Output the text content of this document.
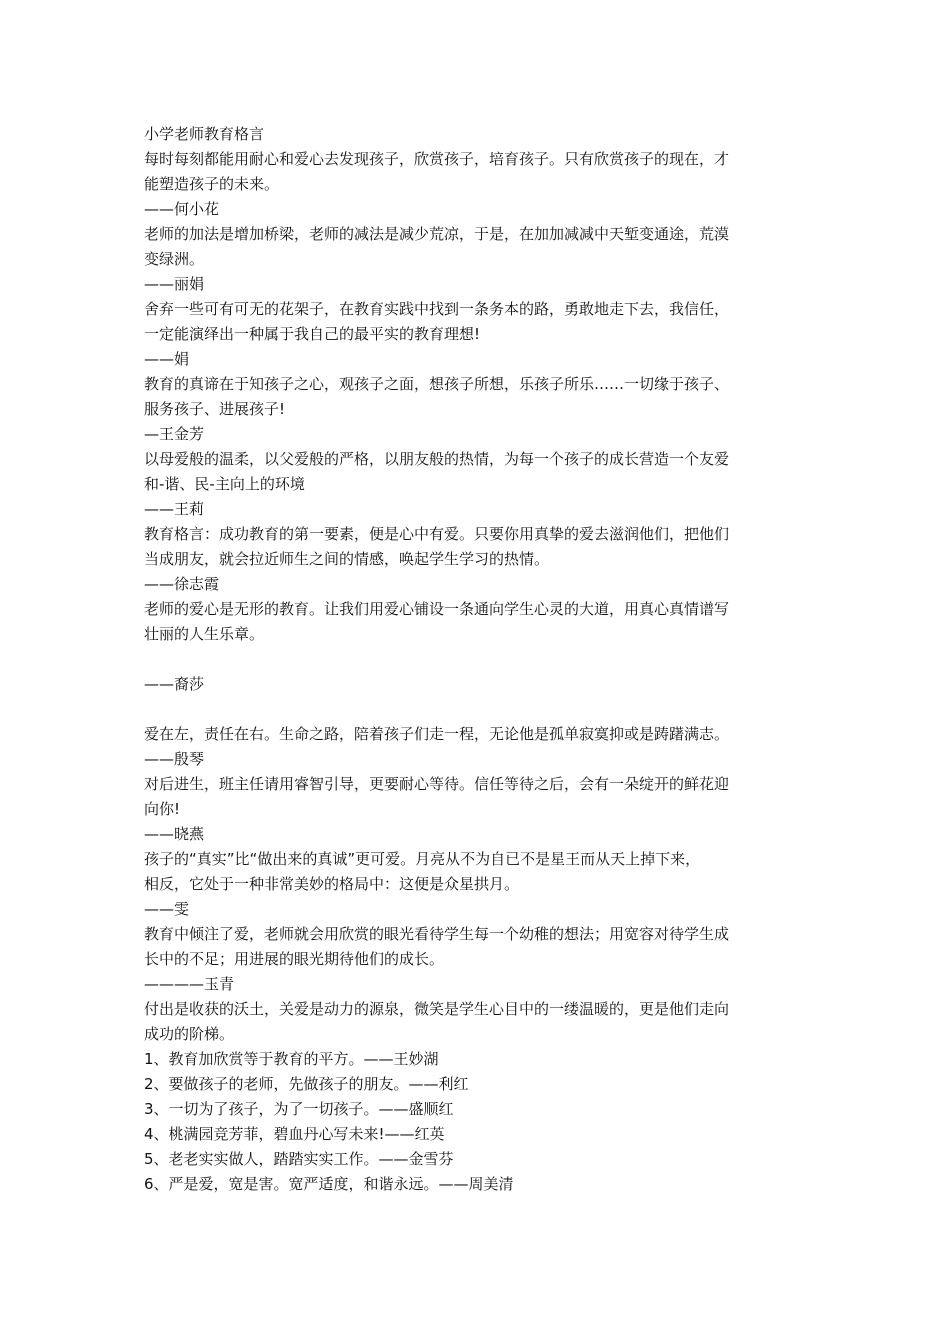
小学老师教育格言
每时每刻都能用耐心和爱心去发现孩子，欣赏孩子，培育孩子。只有欣赏孩子的现在，才
能塑造孩子的未来。
——何小花
老师的加法是增加桥梁，老师的减法是减少荒凉，于是，在加加减减中天堑变通途，荒漠
变绿洲。
——丽娟
舍弃一些可有可无的花架子，在教育实践中找到一条务本的路，勇敢地走下去，我信任，
一定能演绎出一种属于我自己的最平实的教育理想!
——娟
教育的真谛在于知孩子之心，观孩子之面，想孩子所想，乐孩子所乐……一切缘于孩子、
服务孩子、进展孩子!
—王金芳
以母爱般的温柔，以父爱般的严格，以朋友般的热情，为每一个孩子的成长营造一个友爱
和-谐、民-主向上的环境
——王莉
教育格言：成功教育的第一要素，便是心中有爱。只要你用真挚的爱去滋润他们，把他们
当成朋友，就会拉近师生之间的情感，唤起学生学习的热情。
——徐志霞
老师的爱心是无形的教育。让我们用爱心铺设一条通向学生心灵的大道，用真心真情谱写
壮丽的人生乐章。
——裔莎
爱在左，责任在右。生命之路，陪着孩子们走一程，无论他是孤单寂寞抑或是踌躇满志。
——殷琴
对后进生，班主任请用睿智引导，更要耐心等待。信任等待之后，会有一朵绽开的鲜花迎
向你!
——晓燕
孩子的“真实”比“做出来的真诚”更可爱。月亮从不为自已不是星王而从天上掉下来，
相反，它处于一种非常美妙的格局中：这便是众星拱月。
——雯
教育中倾注了爱，老师就会用欣赏的眼光看待学生每一个幼稚的想法；用宽容对待学生成
长中的不足；用进展的眼光期待他们的成长。
————玉青
付出是收获的沃土，关爱是动力的源泉，微笑是学生心目中的一缕温暖的，更是他们走向
成功的阶梯。
1、教育加欣赏等于教育的平方。——王妙湖
2、要做孩子的老师，先做孩子的朋友。——利红
3、一切为了孩子，为了一切孩子。——盛顺红
4、桃满园竞芳菲，碧血丹心写未来!——红英
5、老老实实做人，踏踏实实工作。——金雪芬
6、严是爱，宽是害。宽严适度，和谐永远。——周美清
